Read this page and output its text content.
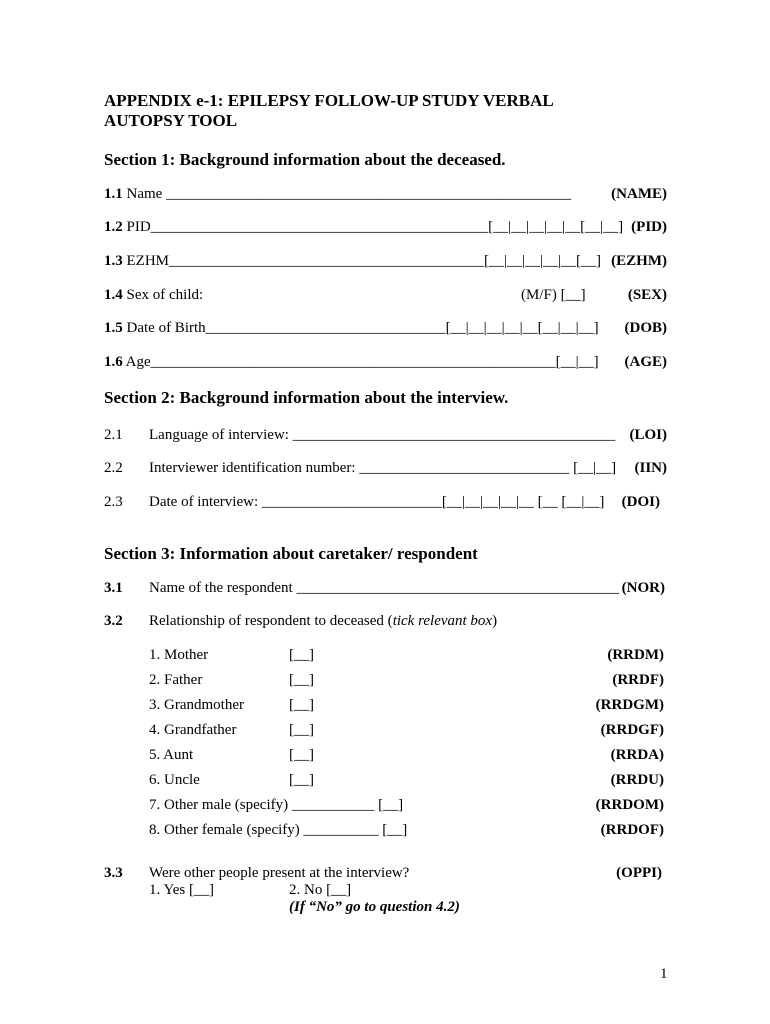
APPENDIX e-1: EPILEPSY FOLLOW-UP STUDY VERBAL
AUTOPSY TOOL
Section 1: Background information about the deceased.
1.1 Name ______________________________________________________	(NAME)
1.2 PID_____________________________________________[__|__|__|__|__[__|__] (PID)
1.3 EZHM__________________________________________[__|__|__|__|__[__] (EZHM)
1.4 Sex of child:	(M/F) [__]	(SEX)
1.5 Date of Birth________________________________[__|__|__|__|__[__|__|__] (DOB)
1.6 Age______________________________________________________[__|__] (AGE)
Section 2: Background information about the interview.
2.1 Language of interview: ___________________________________________ (LOI)
2.2 Interviewer identification number: ____________________________ [__|__] (IIN)
2.3 Date of interview: ________________________[__|__|__|__|__ [__ [__|__] (DOI)
Section 3: Information about caretaker/ respondent
3.1 Name of the respondent ___________________________________________ (NOR)
3.2 Relationship of respondent to deceased (tick relevant box)
1. Mother	[__]	(RRDM)
2. Father	[__]	(RRDF)
3. Grandmother	[__]	(RRDGM)
4. Grandfather	[__]	(RRDGF)
5. Aunt	[__]	(RRDA)
6. Uncle	[__]	(RRDU)
7. Other male (specify) ___________ [__]	(RRDOM)
8. Other female (specify) __________ [__]	(RRDOF)
3.3 Were other people present at the interview?	(OPPI)
1. Yes [__]	2. No [__]
(If “No” go to question 4.2)
1
